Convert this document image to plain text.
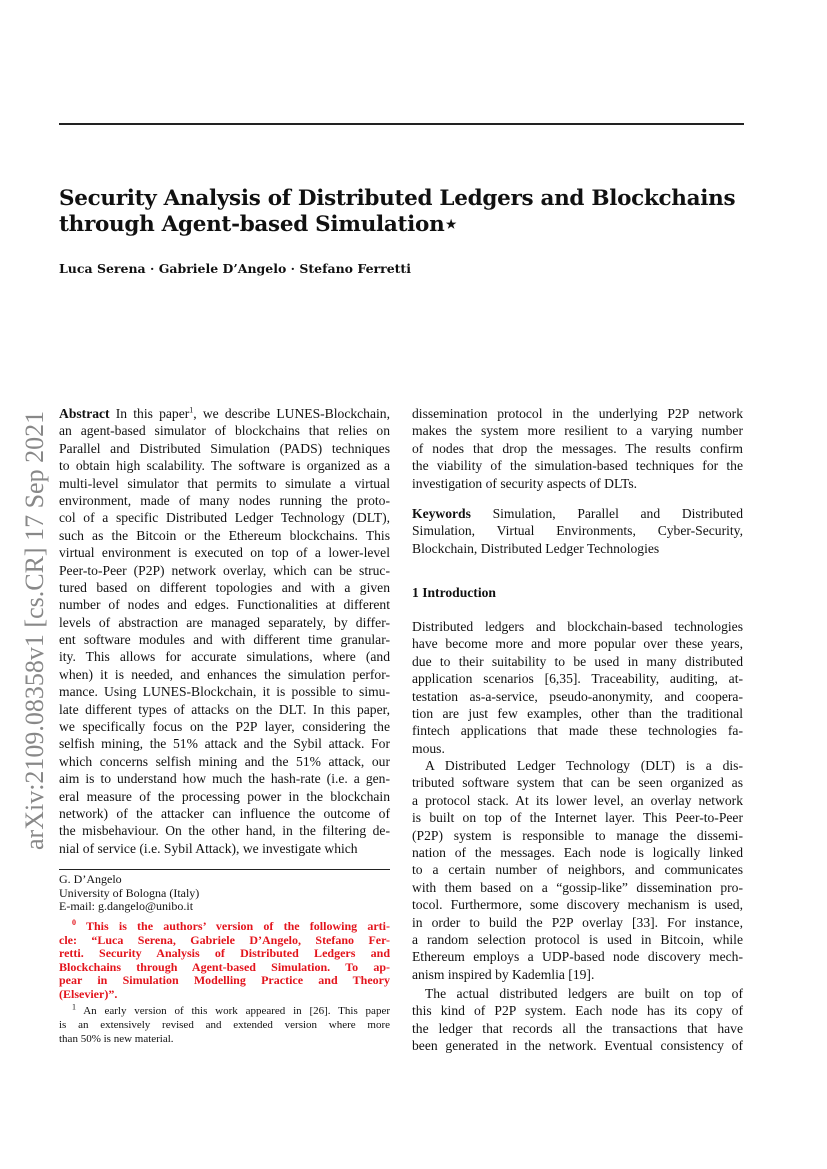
arXiv:2109.08358v1 [cs.CR] 17 Sep 2021
Security Analysis of Distributed Ledgers and Blockchains
through Agent-based Simulation⋆
Luca Serena · Gabriele D’Angelo · Stefano Ferretti
Abstract In this paper$^1$, we describe LUNES-Blockchain,
an agent-based simulator of blockchains that relies on
Parallel and Distributed Simulation (PADS) techniques
to obtain high scalability. The software is organized as a
multi-level simulator that permits to simulate a virtual
environment, made of many nodes running the proto-
col of a specific Distributed Ledger Technology (DLT),
such as the Bitcoin or the Ethereum blockchains. This
virtual environment is executed on top of a lower-level
Peer-to-Peer (P2P) network overlay, which can be struc-
tured based on different topologies and with a given
number of nodes and edges. Functionalities at different
levels of abstraction are managed separately, by differ-
ent software modules and with different time granular-
ity. This allows for accurate simulations, where (and
when) it is needed, and enhances the simulation perfor-
mance. Using LUNES-Blockchain, it is possible to simu-
late different types of attacks on the DLT. In this paper,
we specifically focus on the P2P layer, considering the
selfish mining, the 51% attack and the Sybil attack. For
which concerns selfish mining and the 51% attack, our
aim is to understand how much the hash-rate (i.e. a gen-
eral measure of the processing power in the blockchain
network) of the attacker can influence the outcome of
the misbehaviour. On the other hand, in the filtering de-
nial of service (i.e. Sybil Attack), we investigate which
G. D’Angelo
University of Bologna (Italy)
E-mail: g.dangelo@unibo.it
$^0$ This is the authors’ version of the following arti-
cle: “Luca Serena, Gabriele D’Angelo, Stefano Fer-
retti. Security Analysis of Distributed Ledgers and
Blockchains through Agent-based Simulation. To ap-
pear in Simulation Modelling Practice and Theory
(Elsevier)”.
$^1$ An early version of this work appeared in [26]. This paper
is an extensively revised and extended version where more
than 50% is new material.
dissemination protocol in the underlying P2P network
makes the system more resilient to a varying number
of nodes that drop the messages. The results confirm
the viability of the simulation-based techniques for the
investigation of security aspects of DLTs.
Keywords Simulation, Parallel and Distributed
Simulation, Virtual Environments, Cyber-Security,
Blockchain, Distributed Ledger Technologies
1 Introduction
Distributed ledgers and blockchain-based technologies
have become more and more popular over these years,
due to their suitability to be used in many distributed
application scenarios [6,35]. Traceability, auditing, at-
testation as-a-service, pseudo-anonymity, and coopera-
tion are just few examples, other than the traditional
fintech applications that made these technologies fa-
mous.
A Distributed Ledger Technology (DLT) is a dis-
tributed software system that can be seen organized as
a protocol stack. At its lower level, an overlay network
is built on top of the Internet layer. This Peer-to-Peer
(P2P) system is responsible to manage the dissemi-
nation of the messages. Each node is logically linked
to a certain number of neighbors, and communicates
with them based on a “gossip-like” dissemination pro-
tocol. Furthermore, some discovery mechanism is used,
in order to build the P2P overlay [33]. For instance,
a random selection protocol is used in Bitcoin, while
Ethereum employs a UDP-based node discovery mech-
anism inspired by Kademlia [19].
The actual distributed ledgers are built on top of
this kind of P2P system. Each node has its copy of
the ledger that records all the transactions that have
been generated in the network. Eventual consistency of
